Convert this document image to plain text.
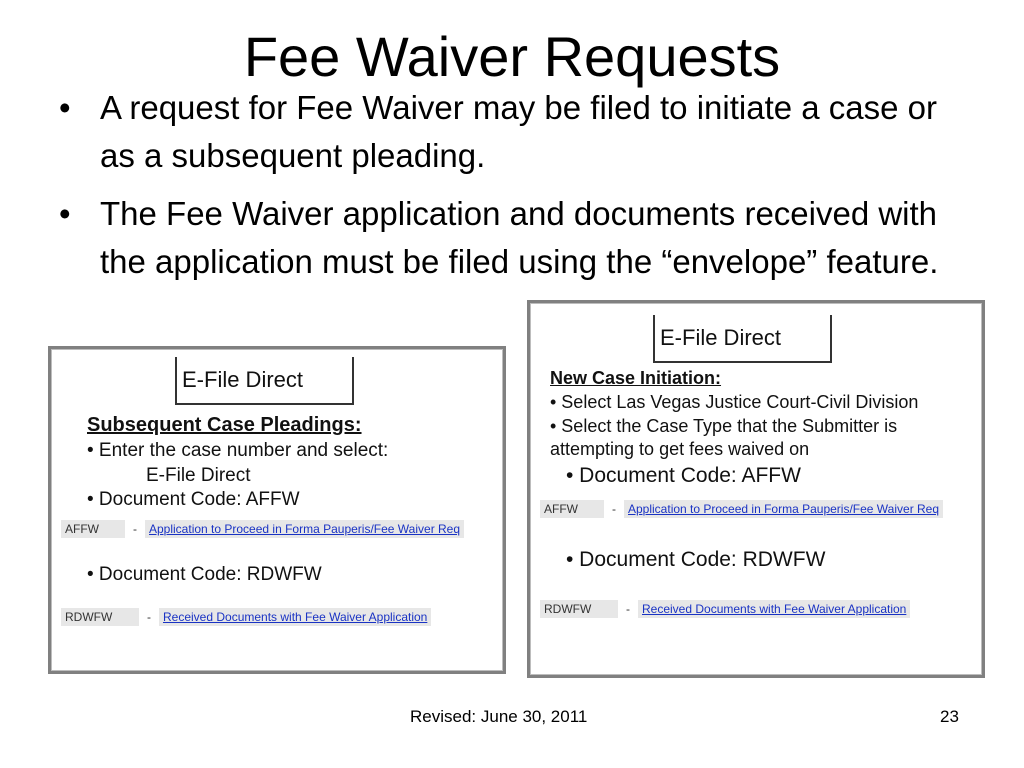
Fee Waiver Requests
• A request for Fee Waiver may be filed to initiate a case or as a subsequent pleading.
• The Fee Waiver application and documents received with the application must be filed using the “envelope” feature.
E-File Direct
Subsequent Case Pleadings:
• Enter the case number and select:
E-File Direct
• Document Code: AFFW
AFFW	-	Application to Proceed in Forma Pauperis/Fee Waiver Req
• Document Code: RDWFW
RDWFW	-	Received Documents with Fee Waiver Application
E-File Direct
New Case Initiation:
• Select Las Vegas Justice Court-Civil Division
• Select the Case Type that the Submitter is
attempting to get fees waived on
• Document Code: AFFW
AFFW	-	Application to Proceed in Forma Pauperis/Fee Waiver Req
• Document Code: RDWFW
RDWFW	-	Received Documents with Fee Waiver Application
Revised: June 30, 2011	23
